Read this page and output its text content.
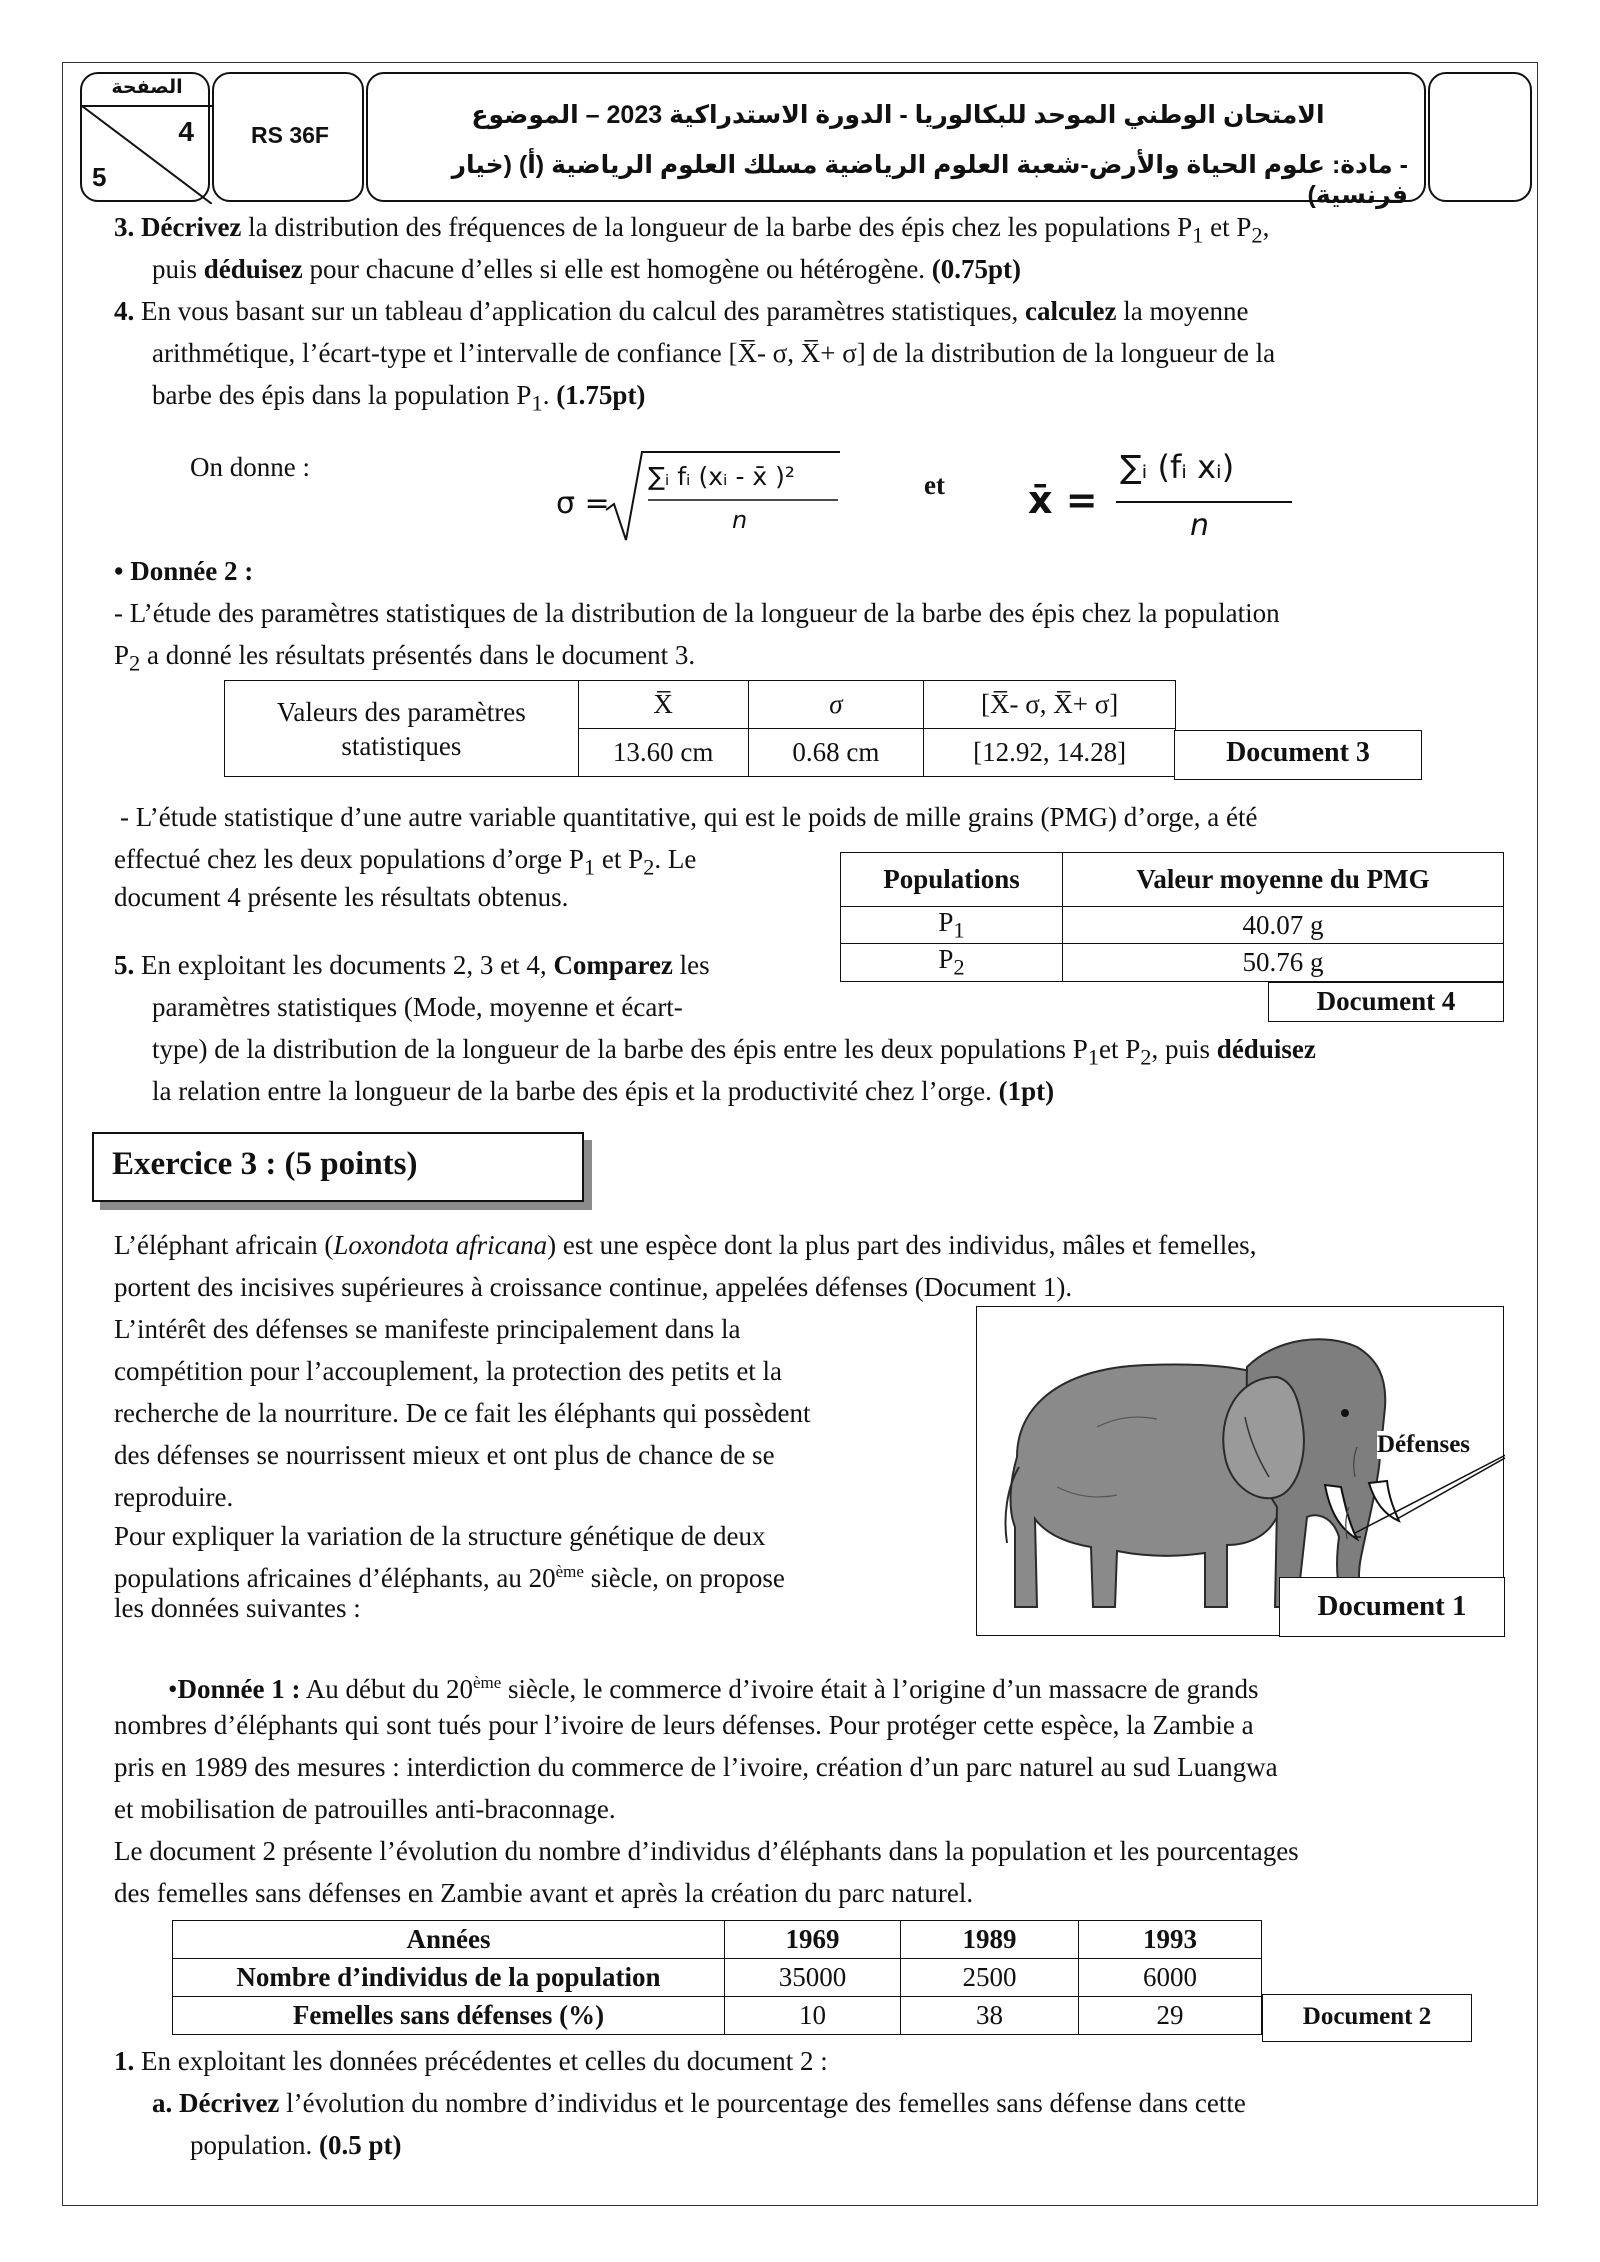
الصفحة
4
5
RS 36F
الامتحان الوطني الموحد للبكالوريا - الدورة الاستدراكية 2023 – الموضوع
- مادة: علوم الحياة والأرض-شعبة العلوم الرياضية مسلك العلوم الرياضية (أ) (خيار فرنسية)
3. Décrivez la distribution des fréquences de la longueur de la barbe des épis chez les populations $P_1$ et $P_2$,
puis déduisez pour chacune d’elles si elle est homogène ou hétérogène. (0.75pt)
4. En vous basant sur un tableau d’application du calcul des paramètres statistiques, calculez la moyenne
arithmétique, l’écart-type et l’intervalle de confiance [X̅- σ, X̅+ σ] de la distribution de la longueur de la
barbe des épis dans la population $P_1$. (1.75pt)
On donne :
σ =
∑ᵢ fᵢ (xᵢ - x̄ )²
n
et x̄ =
∑ᵢ (fᵢ xᵢ)
n
• Donnée 2 :
- L’étude des paramètres statistiques de la distribution de la longueur de la barbe des épis chez la population
$P_2$ a donné les résultats présentés dans le document 3.
Valeurs des paramètres statistiques	X̅	σ	[X̅- σ, X̅+ σ]
	13.60 cm	0.68 cm	[12.92, 14.28]	Document 3
- L’étude statistique d’une autre variable quantitative, qui est le poids de mille grains (PMG) d’orge, a été
effectué chez les deux populations d’orge $P_1$ et $P_2$. Le
document 4 présente les résultats obtenus.
Populations	Valeur moyenne du PMG
$P_1$	40.07 g
$P_2$	50.76 g
Document 4
5. En exploitant les documents 2, 3 et 4, Comparez les
paramètres statistiques (Mode, moyenne et écart-
type) de la distribution de la longueur de la barbe des épis entre les deux populations $P_1et$ $P_2$, puis déduisez
la relation entre la longueur de la barbe des épis et la productivité chez l’orge. (1pt)
Exercice 3 : (5 points)
L’éléphant africain (Loxondota africana) est une espèce dont la plus part des individus, mâles et femelles,
portent des incisives supérieures à croissance continue, appelées défenses (Document 1).
L’intérêt des défenses se manifeste principalement dans la
compétition pour l’accouplement, la protection des petits et la
recherche de la nourriture. De ce fait les éléphants qui possèdent
des défenses se nourrissent mieux et ont plus de chance de se
reproduire.
Pour expliquer la variation de la structure génétique de deux
populations africaines d’éléphants, au 20ème siècle, on propose
les données suivantes :
Défenses
Document 1
•Donnée 1 : Au début du 20ème siècle, le commerce d’ivoire était à l’origine d’un massacre de grands
nombres d’éléphants qui sont tués pour l’ivoire de leurs défenses. Pour protéger cette espèce, la Zambie a
pris en 1989 des mesures : interdiction du commerce de l’ivoire, création d’un parc naturel au sud Luangwa
et mobilisation de patrouilles anti-braconnage.
Le document 2 présente l’évolution du nombre d’individus d’éléphants dans la population et les pourcentages
des femelles sans défenses en Zambie avant et après la création du parc naturel.
Années	1969	1989	1993
Nombre d’individus de la population	35000	2500	6000
Femelles sans défenses (%)	10	38	29	Document 2
1. En exploitant les données précédentes et celles du document 2 :
a. Décrivez l’évolution du nombre d’individus et le pourcentage des femelles sans défense dans cette
population. (0.5 pt)
